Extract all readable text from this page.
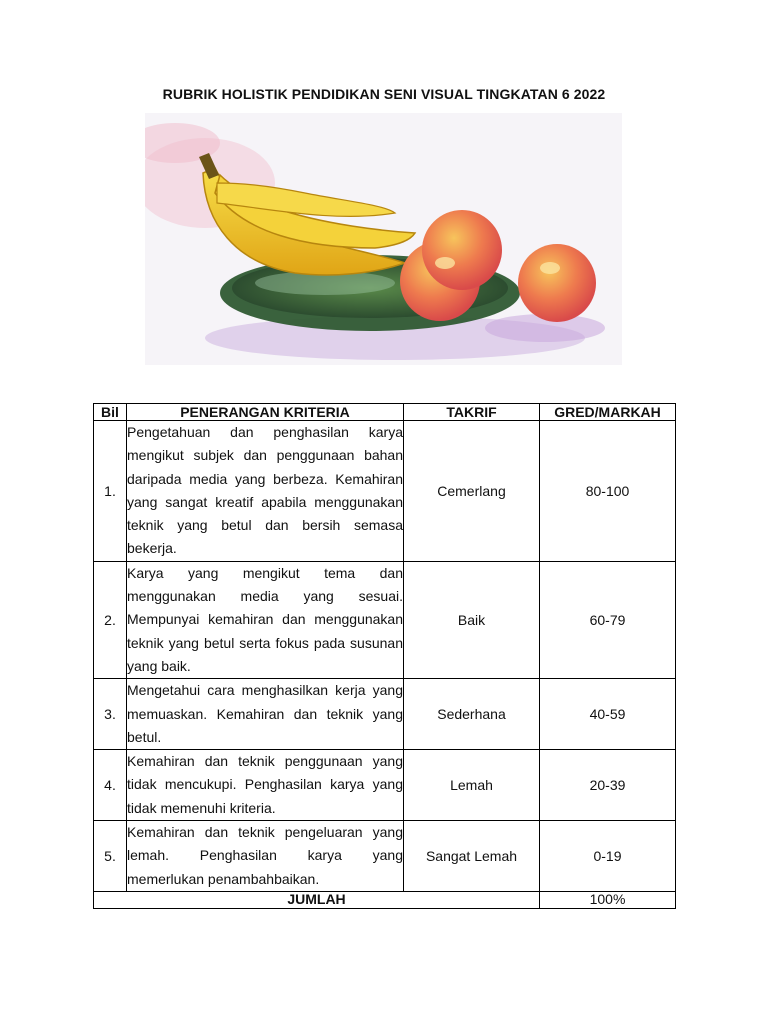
RUBRIK HOLISTIK PENDIDIKAN SENI VISUAL TINGKATAN 6 2022
Bil	PENERANGAN KRITERIA	TAKRIF	GRED/MARKAH
1.	Pengetahuan dan penghasilan karya mengikut subjek dan penggunaan bahan daripada media yang berbeza. Kemahiran yang sangat kreatif apabila menggunakan teknik yang betul dan bersih semasa bekerja.	Cemerlang	80-100
2.	Karya yang mengikut tema dan menggunakan media yang sesuai. Mempunyai kemahiran dan menggunakan teknik yang betul serta fokus pada susunan yang baik.	Baik	60-79
3.	Mengetahui cara menghasilkan kerja yang memuaskan. Kemahiran dan teknik yang betul.	Sederhana	40-59
4.	Kemahiran dan teknik penggunaan yang tidak mencukupi. Penghasilan karya yang tidak memenuhi kriteria.	Lemah	20-39
5.	Kemahiran dan teknik pengeluaran yang lemah. Penghasilan karya yang memerlukan penambahbaikan.	Sangat Lemah	0-19
JUMLAH			100%
